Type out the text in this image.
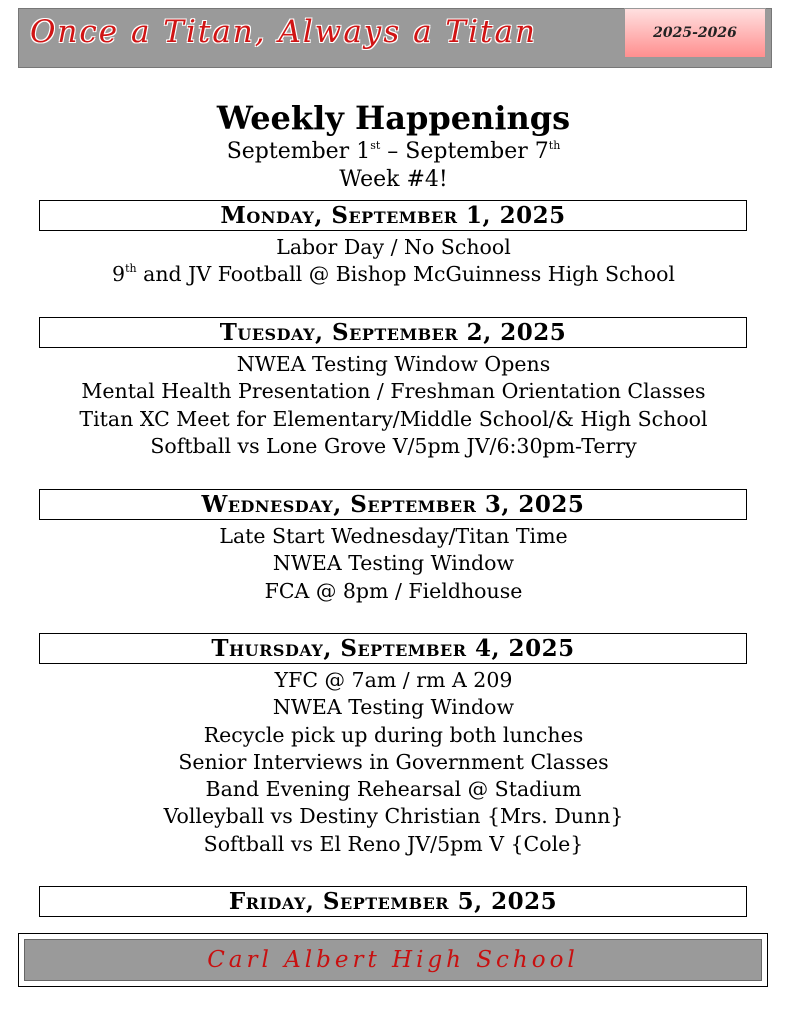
Once a Titan, Always a Titan	2025-2026
Weekly Happenings
September 1st – September 7th
Week #4!
Monday, September 1, 2025
Labor Day / No School
9th and JV Football @ Bishop McGuinness High School
Tuesday, September 2, 2025
NWEA Testing Window Opens
Mental Health Presentation / Freshman Orientation Classes
Titan XC Meet for Elementary/Middle School/& High School
Softball vs Lone Grove V/5pm JV/6:30pm-Terry
Wednesday, September 3, 2025
Late Start Wednesday/Titan Time
NWEA Testing Window
FCA @ 8pm / Fieldhouse
Thursday, September 4, 2025
YFC @ 7am / rm A 209
NWEA Testing Window
Recycle pick up during both lunches
Senior Interviews in Government Classes
Band Evening Rehearsal @ Stadium
Volleyball vs Destiny Christian {Mrs. Dunn}
Softball vs El Reno JV/5pm V {Cole}
Friday, September 5, 2025
Carl Albert High School
